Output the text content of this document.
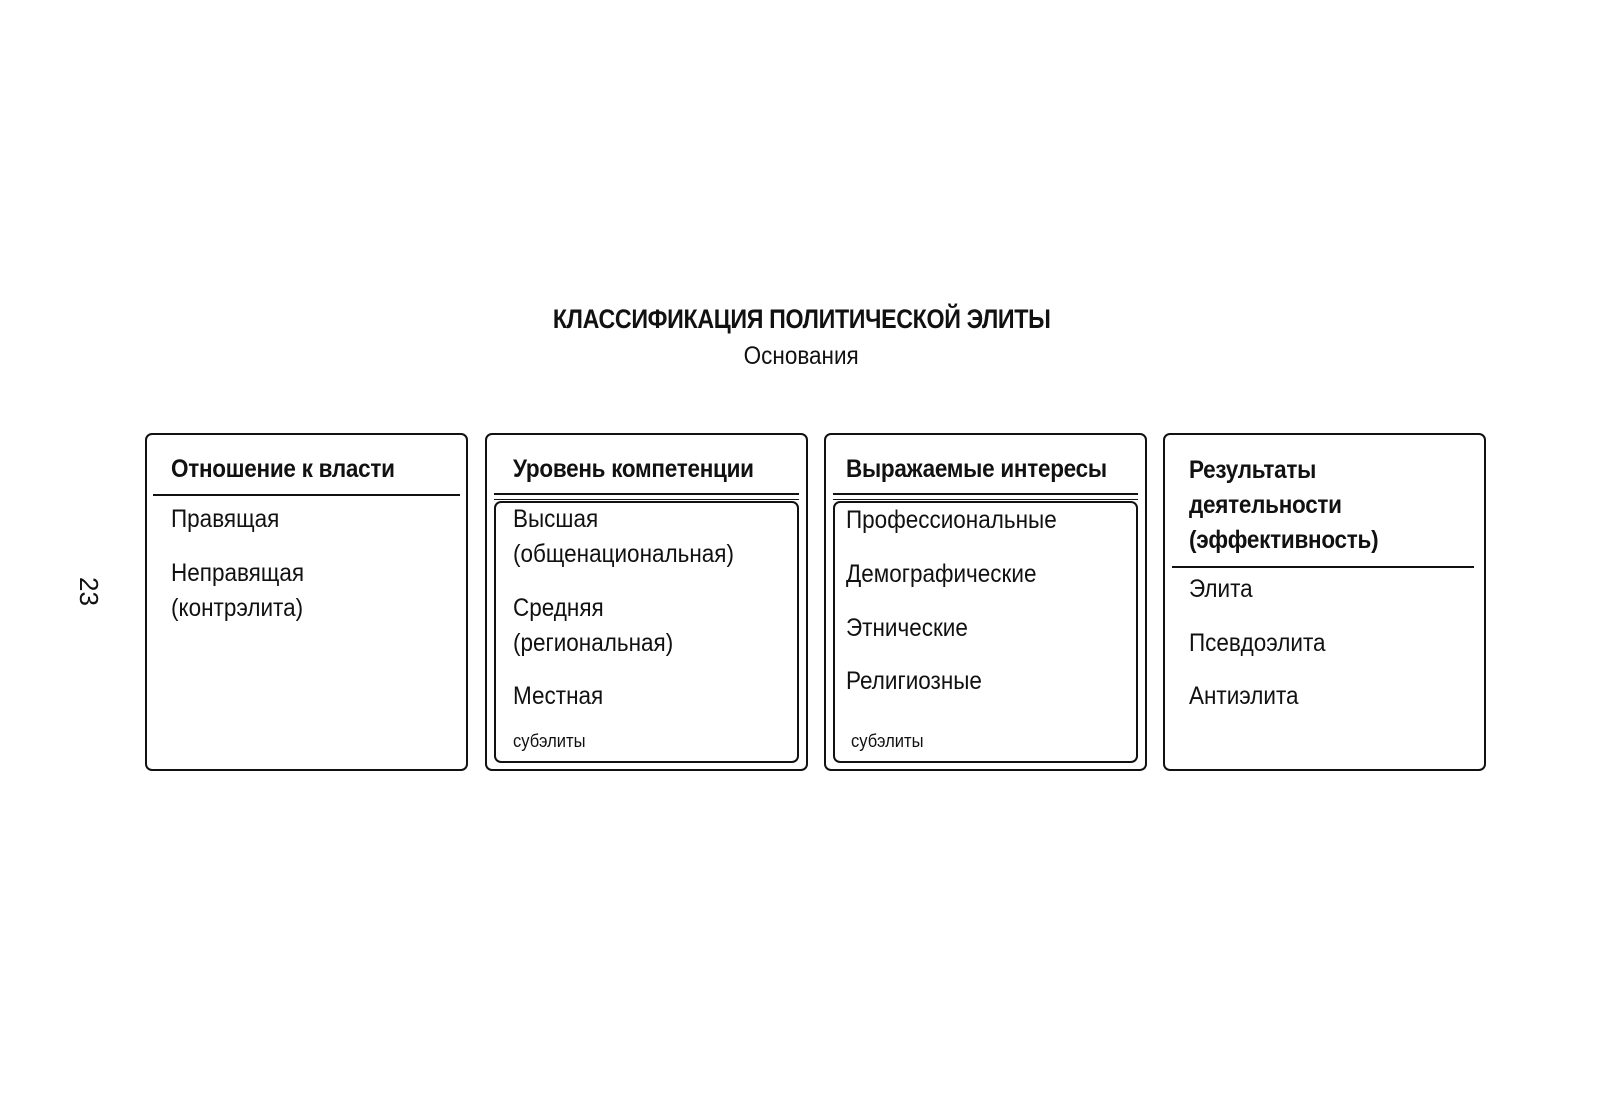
КЛАССИФИКАЦИЯ ПОЛИТИЧЕСКОЙ ЭЛИТЫ
Основания
23
Отношение к власти
Правящая
Неправящая
(контрэлита)
Уровень компетенции
Высшая
(общенациональная)
Средняя
(региональная)
Местная
субэлиты
Выражаемые интересы
Профессиональные
Демографические
Этнические
Религиозные
субэлиты
Результаты
деятельности
(эффективность)
Элита
Псевдоэлита
Антиэлита
